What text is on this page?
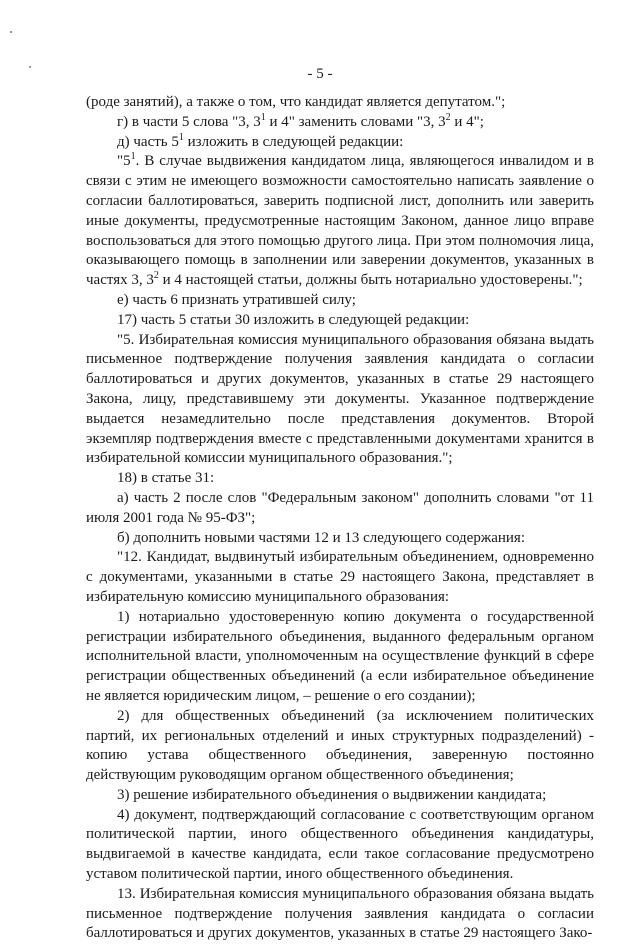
- 5 -

(роде занятий), а также о том, что кандидат является депутатом.";

г) в части 5 слова "3, $3^1$ и 4" заменить словами "3, $3^2$ и 4";

д) часть $5^1$ изложить в следующей редакции:

"$5^1$. В случае выдвижения кандидатом лица, являющегося инвалидом и в связи с этим не имеющего возможности самостоятельно написать заявление о согласии баллотироваться, заверить подписной лист, дополнить или заверить иные документы, предусмотренные настоящим Законом, данное лицо вправе воспользоваться для этого помощью другого лица. При этом полномочия лица, оказывающего помощь в заполнении или заверении документов, указанных в частях 3, $3^2$ и 4 настоящей статьи, должны быть нотариально удостоверены.";

е) часть 6 признать утратившей силу;

17) часть 5 статьи 30 изложить в следующей редакции:

"5. Избирательная комиссия муниципального образования обязана выдать письменное подтверждение получения заявления кандидата о согласии баллотироваться и других документов, указанных в статье 29 настоящего Закона, лицу, представившему эти документы. Указанное подтверждение выдается незамедлительно после представления документов. Второй экземпляр подтверждения вместе с представленными документами хранится в избирательной комиссии муниципального образования.";

18) в статье 31:

а) часть 2 после слов "Федеральным законом" дополнить словами "от 11 июля 2001 года № 95-ФЗ";

б) дополнить новыми частями 12 и 13 следующего содержания:

"12. Кандидат, выдвинутый избирательным объединением, одновременно с документами, указанными в статье 29 настоящего Закона, представляет в избирательную комиссию муниципального образования:

1) нотариально удостоверенную копию документа о государственной регистрации избирательного объединения, выданного федеральным органом исполнительной власти, уполномоченным на осуществление функций в сфере регистрации общественных объединений (а если избирательное объединение не является юридическим лицом, – решение о его создании);

2) для общественных объединений (за исключением политических партий, их региональных отделений и иных структурных подразделений) - копию устава общественного объединения, заверенную постоянно действующим руководящим органом общественного объединения;

3) решение избирательного объединения о выдвижении кандидата;

4) документ, подтверждающий согласование с соответствующим органом политической партии, иного общественного объединения кандидатуры, выдвигаемой в качестве кандидата, если такое согласование предусмотрено уставом политической партии, иного общественного объединения.

13. Избирательная комиссия муниципального образования обязана выдать письменное подтверждение получения заявления кандидата о согласии баллотироваться и других документов, указанных в статье 29 настоящего Зако-
